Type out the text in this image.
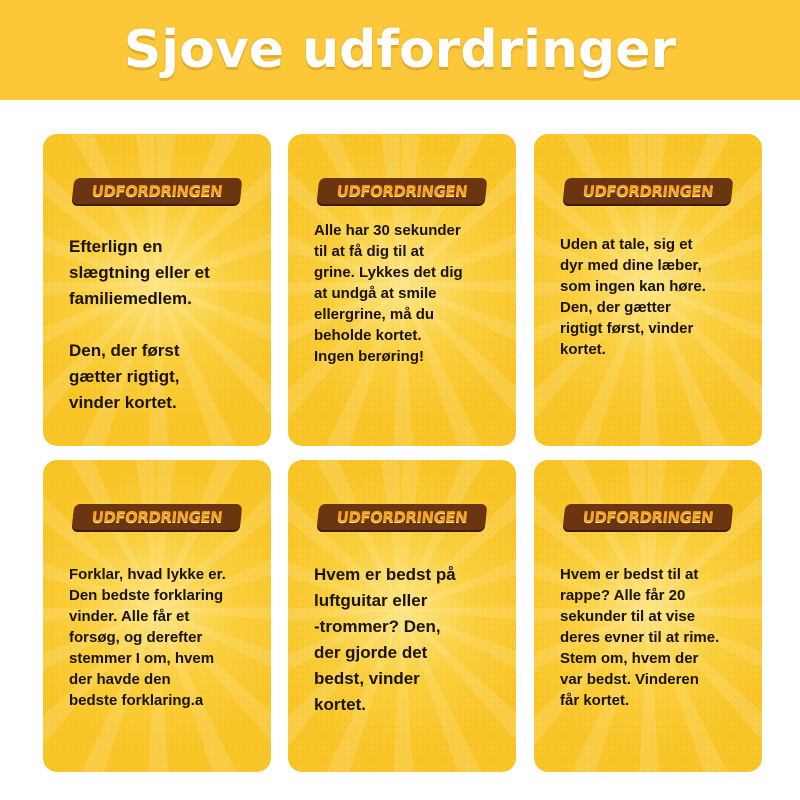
Sjove udfordringer
UDFORDRINGEN
Efterlign en
slægtning eller et
familiemedlem.

Den, der først
gætter rigtigt,
vinder kortet.
UDFORDRINGEN
Alle har 30 sekunder
til at få dig til at
grine. Lykkes det dig
at undgå at smile
ellergrine, må du
beholde kortet.
Ingen berøring!
UDFORDRINGEN
Uden at tale, sig et
dyr med dine læber,
som ingen kan høre.
Den, der gætter
rigtigt først, vinder
kortet.
UDFORDRINGEN
Forklar, hvad lykke er.
Den bedste forklaring
vinder. Alle får et
forsøg, og derefter
stemmer I om, hvem
der havde den
bedste forklaring.a
UDFORDRINGEN
Hvem er bedst på
luftguitar eller
-trommer? Den,
der gjorde det
bedst, vinder
kortet.
UDFORDRINGEN
Hvem er bedst til at
rappe? Alle får 20
sekunder til at vise
deres evner til at rime.
Stem om, hvem der
var bedst. Vinderen
får kortet.
